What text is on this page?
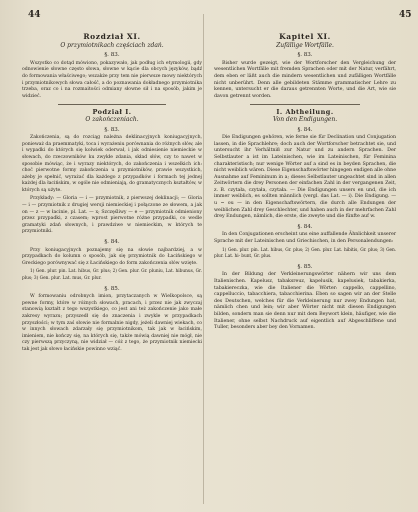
44	45
Rozdział XI.
O przymiotnikach częściach zdań.
§. 83.

Wszystko co dotąd mówiono, pokazywało, jak podług ich etymologii, gdy odnowienie słowne często słowa, słowne w kącie dla obcych języków, bądź do formowania właściwego; wszakże przy tem nie pierwsze mowy niektórych i przymiotnikowych słowa całość, a do poznawania dokładnego przymiotnika trzeba, oraz co i na rozmaitości odmiany słowne sił i na sposób, jakim je widzieć.

Podział I.
O zakończeniach.
§. 83.

Zakończenia, są do rozciąg należna deklinacyjnych koniugacyjnych, ponieważ da praemmatyki, toca i wyrażeniu porównania do różnych słów, ale i wypadki do których się kolwiek oderwał, i jak odniesienie niemieckie w słowach, do rzeczowników ku zwykłe zdania, skład słów, czy to nawet w sposobie mówiąc, że i wyrazy niektórych, do zakończenia i wszelkich ich: choć pierwotne formy zakończenia u przymiotników, prawie wszystkich, ażeby je spełnić, wyrażać dla każdego z przypadków i formach tej jednej każdej dla łacińskim, w ogóle nie odmieniają, do gramatycznych kształtów, w których są użyte.

Przykłady: — Gloria — i — przymiotnik, z pierwszej deklinacji; — Gloria — i — przymiotnik z drugiej wersji niemieckiej i połączone ze słowem, a jak on — z — w łacinie, pl. Lat. — x; Szczęśliwy — e — przymiotnik odmieniony przez przypadki, z czasem; wprost pierwotne różne przypadki, co wedle gramatyki zdań słownych, i prawdziwe w niemieckim, w których te przymiotniki.

§. 84.

Przy koniugacyjnych poznajemy się na słowie najbardziej, a w przypadkach do kolumn o sposób, jak się przymiotnik do Łacińskiego w Greckiego porównywać się z Łacińskiego do form zakończenia słów wzięte.

1) Gen. plur. pin. Lat. hibus, Gr. plus; 2) Gen. plur. Gr. pluniu, Lat. hibunus, Gr. plus; 3) Gen. plur. Lat. mus, Gr. plur.

§. 85.

W formowaniu odrobnych imion, przytaczanych w Wielkopolsce, są pewne formy, które w różnych słowach, pracach, i przez nie jak zwyczaj stanowią kształt z tego wszystkiego, co jest ani też zakończenie jako małe zakresy wyrazu; przyszedł się do znaczenia i zwykle w przypadkach przyszłości; w tym zaś słowie nie formalnie nigdy, jeżeli dawniej wiekach, co w innych słowach zdarzały się przymiotnikom, tak jak w łacińskim, imieniem, nie kończy się, na których się, także mówią dawniej nie mógł, nie czy pierwszą przyczyną, nie widział — cóż z tego, że przymiotnik niemiecki tak jest jak słowo łacińskie powinno wziąć.

Kapitel XI.
Zufällige Wortfälle.
§. 83.

Bisher wurde gezeigt, wie der Wortforscher den Vergleichung der wesentlichen Wortfälle mit fremden Sprachen oder mit der Natur, verfährt, dem eben er läßt auch die mindern wesentlichen und zufälligen Wortfälle nicht unberührt. Denn alle gebildeten Stämme grammatischer Lehre zu kennen, untersucht er die daraus getrennten Worte, und die Art, wie sie davon getrennt worden.

I. Abtheilung.
Von den Endigungen.
§. 84.

Die Endigungen gehören, wie ferne sie für Declination und Conjugation lassen, in die Sprachlehre; doch auch der Wortforscher betrachtet sie, und untersucht ihr Verhältniß zur Natur und zu andern Sprachen. Der Selbstlauter a ist im Lateinischen, wie im Lateinischen, für Feminina charakteristisch; nur wenige Wörter auf a sind es in beyden Sprachen, die nicht weiblich wären. Diese Eigenschaftswörter hingegen endigen alle ohne Ausnahme auf Femininum in a; dieses Selbstlauter ungeachtet sind in allen Zeitwörtern die drey Personen der einfachen Zahl in der vergangenen Zeit, z. B. czytała, czytała, czytała. — Die Endigungen unsers en und, die ich immer weiblich, es sollten männlich (vergl. das Lat. — i). Die Endigung. — u ~ ou — in den Eigenschaftswörtern, die durch alle Endungen der weiblichen Zahl drey Geschlechter, und haben auch in der mehrfachen Zahl drey Endungen, nämlich, die erste, die zweyte und die fünfte auf w.

§. 84.

In den Conjugationen erscheint uns eine auffallende Ähnlichkeit unserer Sprache mit der Lateinischen und Griechischen, in den Personalendungen:

1) Gen. plur. pin. Lat. hibus, Gr. plus; 2) Gen. plur. Lat. hibitis, Gr. plus; 3) Gen. plur. Lat. hi- bunt, Gr. plus.

§. 85.

In der Bildung der Verkleinerungswörter nähern wir uns dem Italienischen. Kapelusz, tabaksreuz, kapelusik, kapelusiek, tabakierka, tabakiereczka, wie die Italiener die Wörter: cappello, cappellino, cappelluccio, tabacchiera, tabacchierina. Eben so sagen wir an der Stelle des Deutschen, welches für die Verkleinerung nur zwey Endungen hat, nämlich chen und lein; wir aber Wörter nicht mit diesen Endigungen bilden, sondern man sie denn nur mit dem Beywort klein, häufiger, wie die Italiener, ohne selbst Nachdruck auf eigentlich auf Abgeschliffene und Tuller, besonders aber bey den Vornamen.
